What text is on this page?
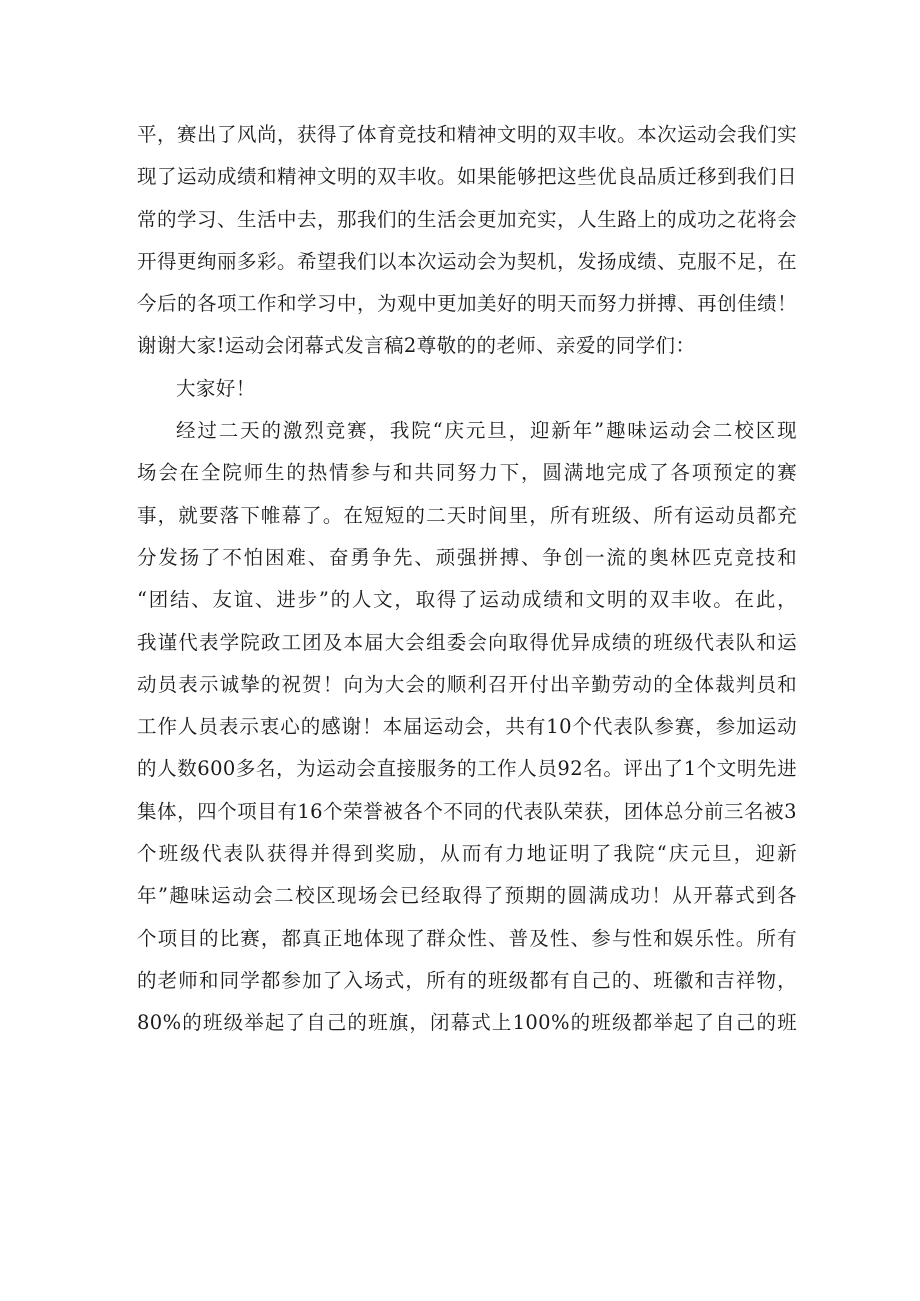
平，赛出了风尚，获得了体育竞技和精神文明的双丰收。本次运动会我们实
现了运动成绩和精神文明的双丰收。如果能够把这些优良品质迁移到我们日
常的学习、生活中去，那我们的生活会更加充实，人生路上的成功之花将会
开得更绚丽多彩。希望我们以本次运动会为契机，发扬成绩、克服不足，在
今后的各项工作和学习中，为观中更加美好的明天而努力拼搏、再创佳绩！
谢谢大家!运动会闭幕式发言稿2尊敬的的老师、亲爱的同学们：
大家好！
经过二天的激烈竞赛，我院“庆元旦，迎新年”趣味运动会二校区现
场会在全院师生的热情参与和共同努力下，圆满地完成了各项预定的赛
事，就要落下帷幕了。在短短的二天时间里，所有班级、所有运动员都充
分发扬了不怕困难、奋勇争先、顽强拼搏、争创一流的奥林匹克竞技和
“团结、友谊、进步”的人文，取得了运动成绩和文明的双丰收。在此，
我谨代表学院政工团及本届大会组委会向取得优异成绩的班级代表队和运
动员表示诚挚的祝贺！向为大会的顺利召开付出辛勤劳动的全体裁判员和
工作人员表示衷心的感谢！本届运动会，共有10个代表队参赛，参加运动
的人数600多名，为运动会直接服务的工作人员92名。评出了1个文明先进
集体，四个项目有16个荣誉被各个不同的代表队荣获，团体总分前三名被3
个班级代表队获得并得到奖励，从而有力地证明了我院“庆元旦，迎新
年”趣味运动会二校区现场会已经取得了预期的圆满成功！从开幕式到各
个项目的比赛，都真正地体现了群众性、普及性、参与性和娱乐性。所有
的老师和同学都参加了入场式，所有的班级都有自己的、班徽和吉祥物，
80%的班级举起了自己的班旗，闭幕式上100%的班级都举起了自己的班
